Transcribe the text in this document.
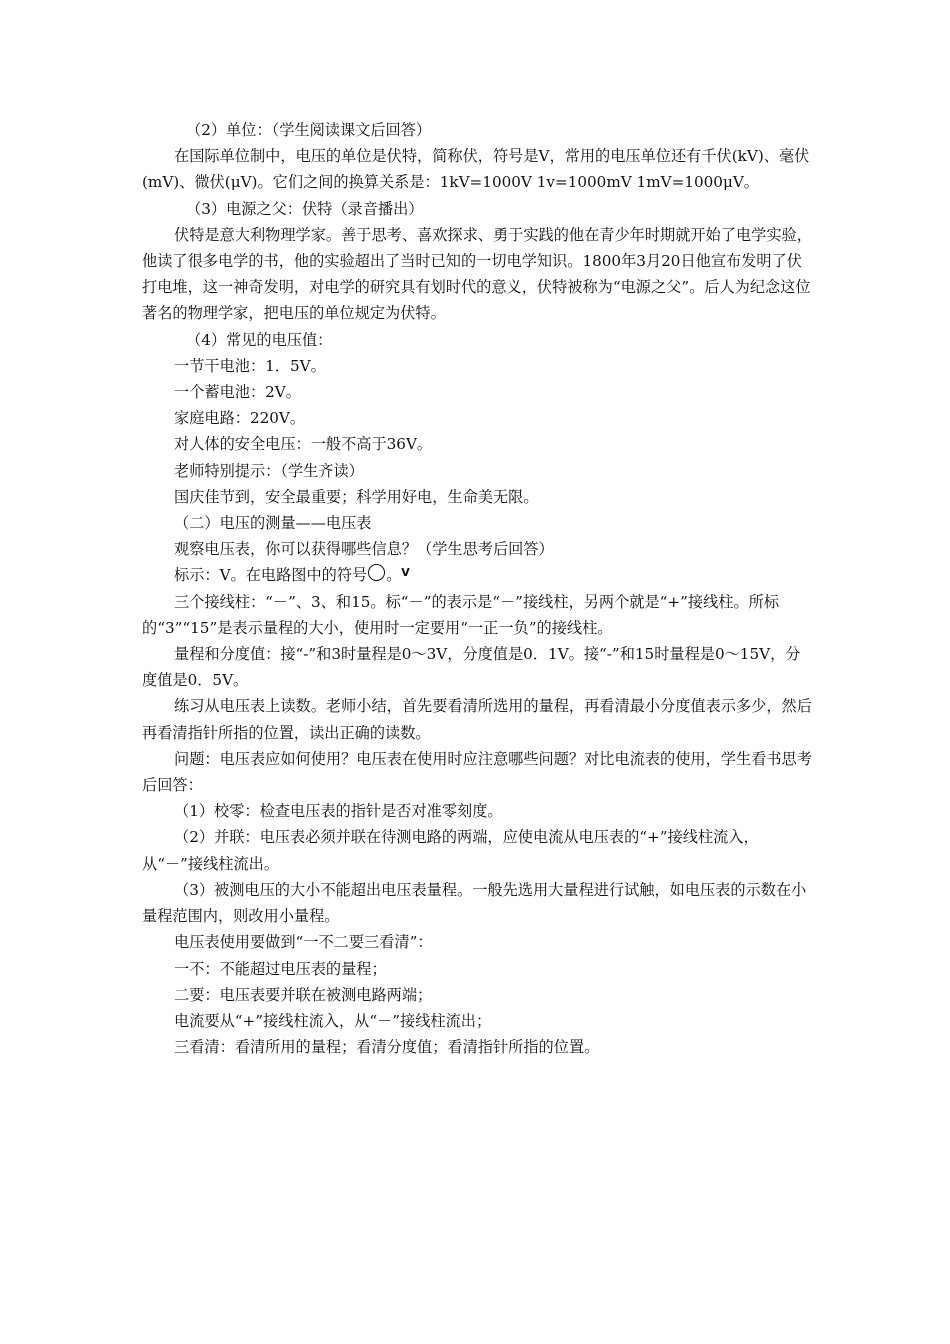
（2）单位：（学生阅读课文后回答）

在国际单位制中，电压的单位是伏特，简称伏，符号是V，常用的电压单位还有千伏(kV)、毫伏(mV)、微伏(μV)。它们之间的换算关系是：1kV=1000V 1v=1000mV 1mV=1000μV。

（3）电源之父：伏特（录音播出）

伏特是意大利物理学家。善于思考、喜欢探求、勇于实践的他在青少年时期就开始了电学实验，他读了很多电学的书，他的实验超出了当时已知的一切电学知识。1800年3月20日他宣布发明了伏打电堆，这一神奇发明，对电学的研究具有划时代的意义，伏特被称为“电源之父”。后人为纪念这位著名的物理学家，把电压的单位规定为伏特。

（4）常见的电压值：

一节干电池：1．5V。

一个蓄电池：2V。

家庭电路：220V。

对人体的安全电压：一般不高于36V。

老师特别提示：（学生齐读）

国庆佳节到，安全最重要；科学用好电，生命美无限。

（二）电压的测量——电压表

观察电压表，你可以获得哪些信息？（学生思考后回答）

标示：V。在电路图中的符号	V。

三个接线柱：“－”、3、和15。标“－”的表示是“－”接线柱，另两个就是“+”接线柱。所标的“3”“15”是表示量程的大小，使用时一定要用“一正一负”的接线柱。

量程和分度值：接“-”和3时量程是0～3V，分度值是0．1V。接“-”和15时量程是0～15V，分度值是0．5V。

练习从电压表上读数。老师小结，首先要看清所选用的量程，再看清最小分度值表示多少，然后再看清指针所指的位置，读出正确的读数。

问题：电压表应如何使用？电压表在使用时应注意哪些问题？对比电流表的使用，学生看书思考后回答：

（1）校零：检查电压表的指针是否对准零刻度。

（2）并联：电压表必须并联在待测电路的两端，应使电流从电压表的“+”接线柱流入，从“－”接线柱流出。

（3）被测电压的大小不能超出电压表量程。一般先选用大量程进行试触，如电压表的示数在小量程范围内，则改用小量程。

电压表使用要做到“一不二要三看清”：

一不：不能超过电压表的量程；

二要：电压表要并联在被测电路两端；

电流要从“+”接线柱流入，从“－”接线柱流出；

三看清：看清所用的量程；看清分度值；看清指针所指的位置。
